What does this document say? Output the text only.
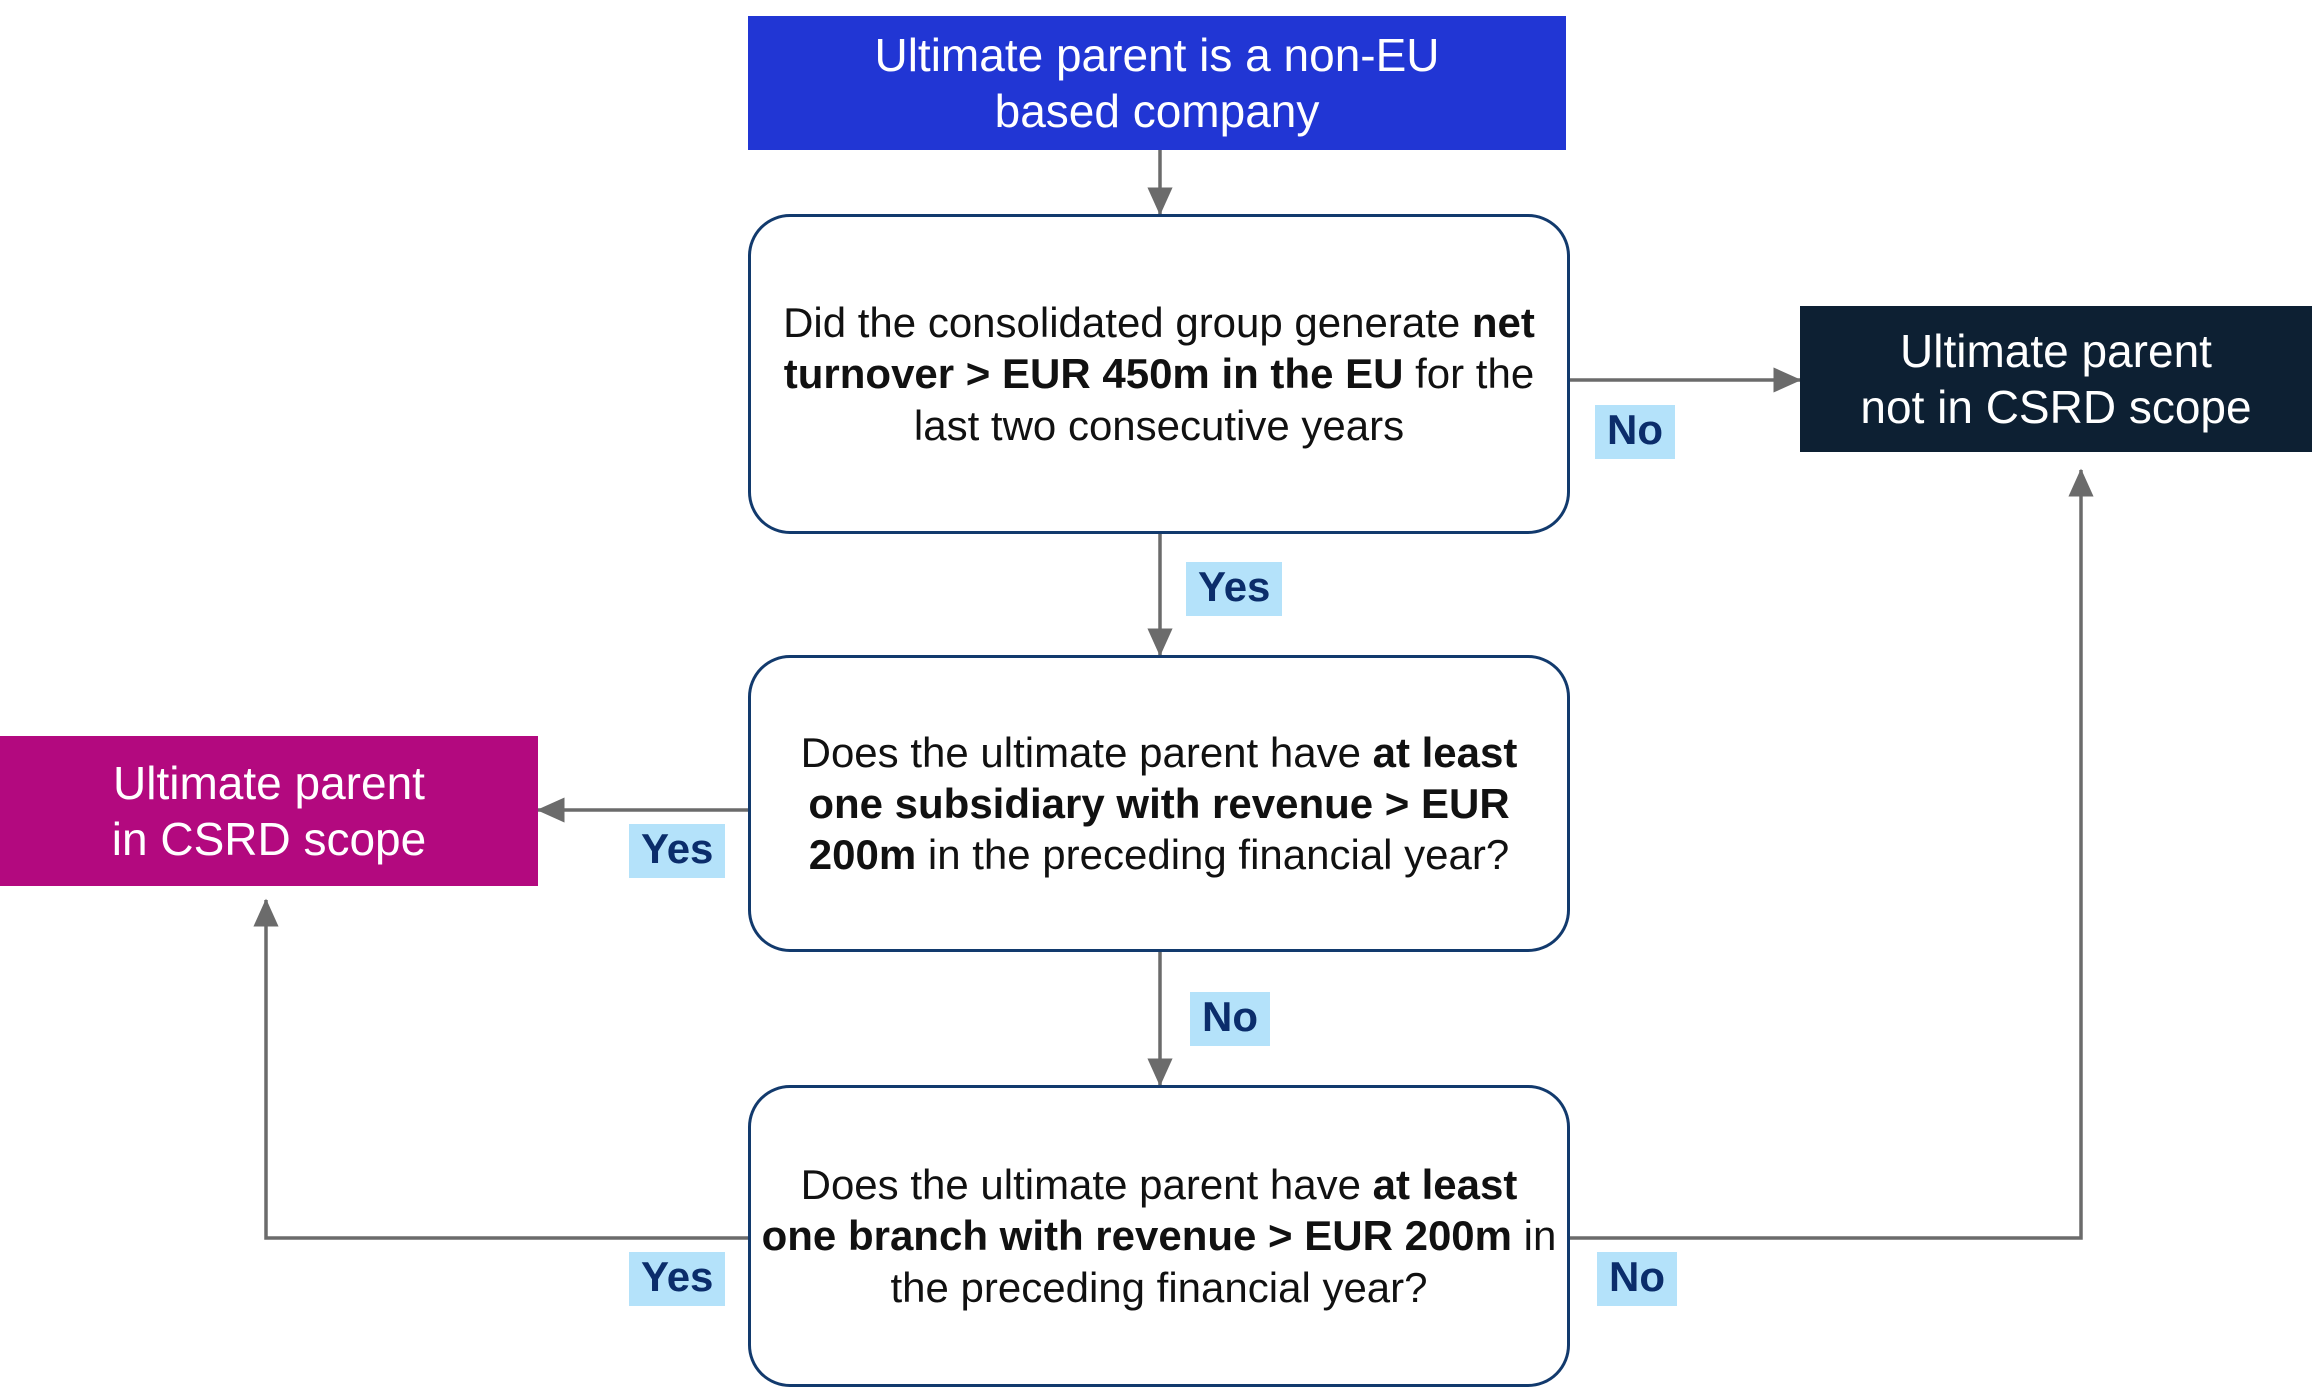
Ultimate parent is a non-EU
based company
Did the consolidated group generate net turnover > EUR 450m in the EU for the last two consecutive years
Ultimate parent
not in CSRD scope
Does the ultimate parent have at least one subsidiary with revenue > EUR 200m in the preceding financial year?
Ultimate parent
in CSRD scope
Does the ultimate parent have at least one branch with revenue > EUR 200m in the preceding financial year?
No
Yes
Yes
No
Yes	No
